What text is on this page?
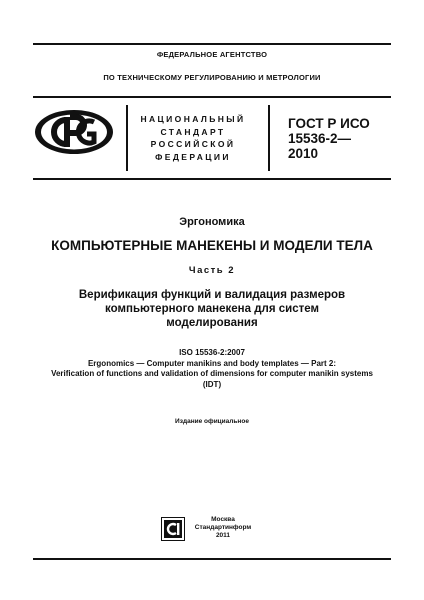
ФЕДЕРАЛЬНОЕ АГЕНТСТВО
ПО ТЕХНИЧЕСКОМУ РЕГУЛИРОВАНИЮ И МЕТРОЛОГИИ
НАЦИОНАЛЬНЫЙ
СТАНДАРТ
РОССИЙСКОЙ
ФЕДЕРАЦИИ
ГОСТ Р ИСО
15536-2—
2010
Эргономика
КОМПЬЮТЕРНЫЕ МАНЕКЕНЫ И МОДЕЛИ ТЕЛА
Часть 2
Верификация функций и валидация размеров
компьютерного манекена для систем
моделирования
ISO 15536-2:2007
Ergonomics — Computer manikins and body templates — Part 2:
Verification of functions and validation of dimensions for computer manikin systems
(IDT)
Издание официальное
Москва
Стандартинформ
2011
